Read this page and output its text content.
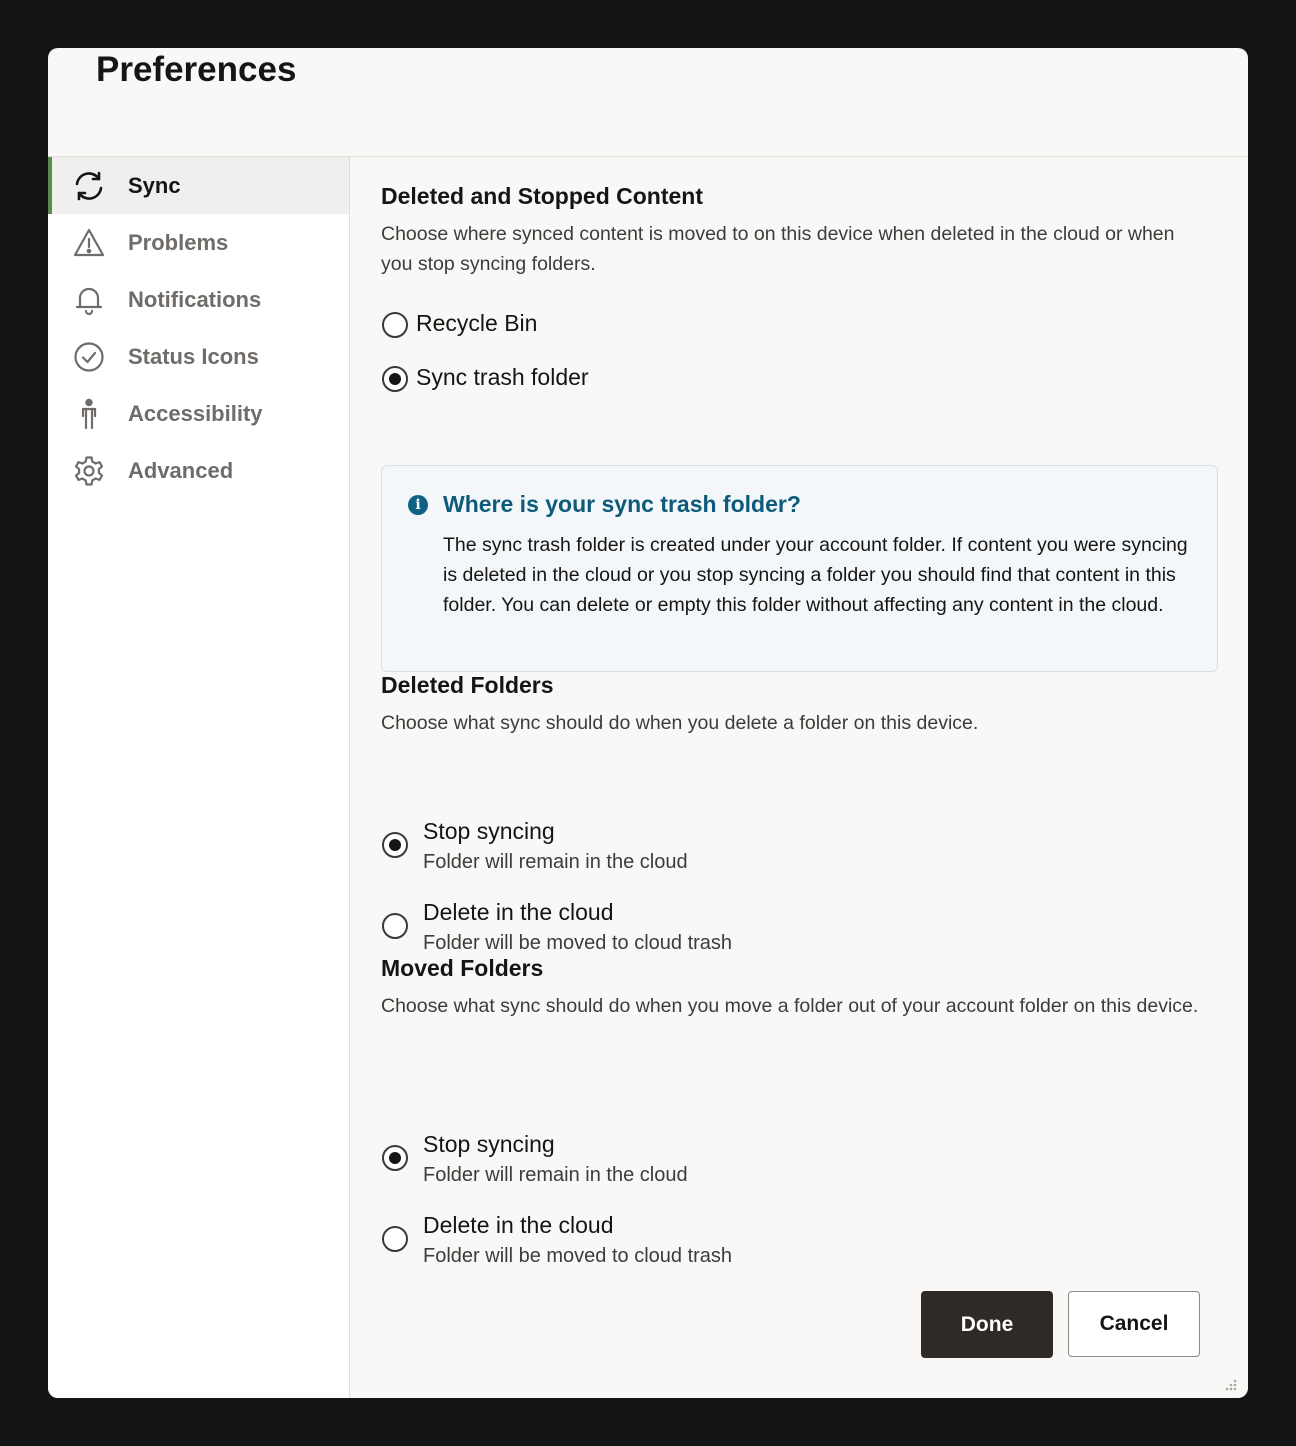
Preferences
Sync
Problems
Notifications
Status Icons
Accessibility
Advanced
Deleted and Stopped Content
Choose where synced content is moved to on this device when deleted in the cloud or when you stop syncing folders.
Recycle Bin
Sync trash folder
i Where is your sync trash folder?
The sync trash folder is created under your account folder. If content you were syncing is deleted in the cloud or you stop syncing a folder you should find that content in this folder. You can delete or empty this folder without affecting any content in the cloud.
Deleted Folders
Choose what sync should do when you delete a folder on this device.
Stop syncing
Folder will remain in the cloud
Delete in the cloud
Folder will be moved to cloud trash
Moved Folders
Choose what sync should do when you move a folder out of your account folder on this device.
Stop syncing
Folder will remain in the cloud
Delete in the cloud
Folder will be moved to cloud trash
Done	Cancel
